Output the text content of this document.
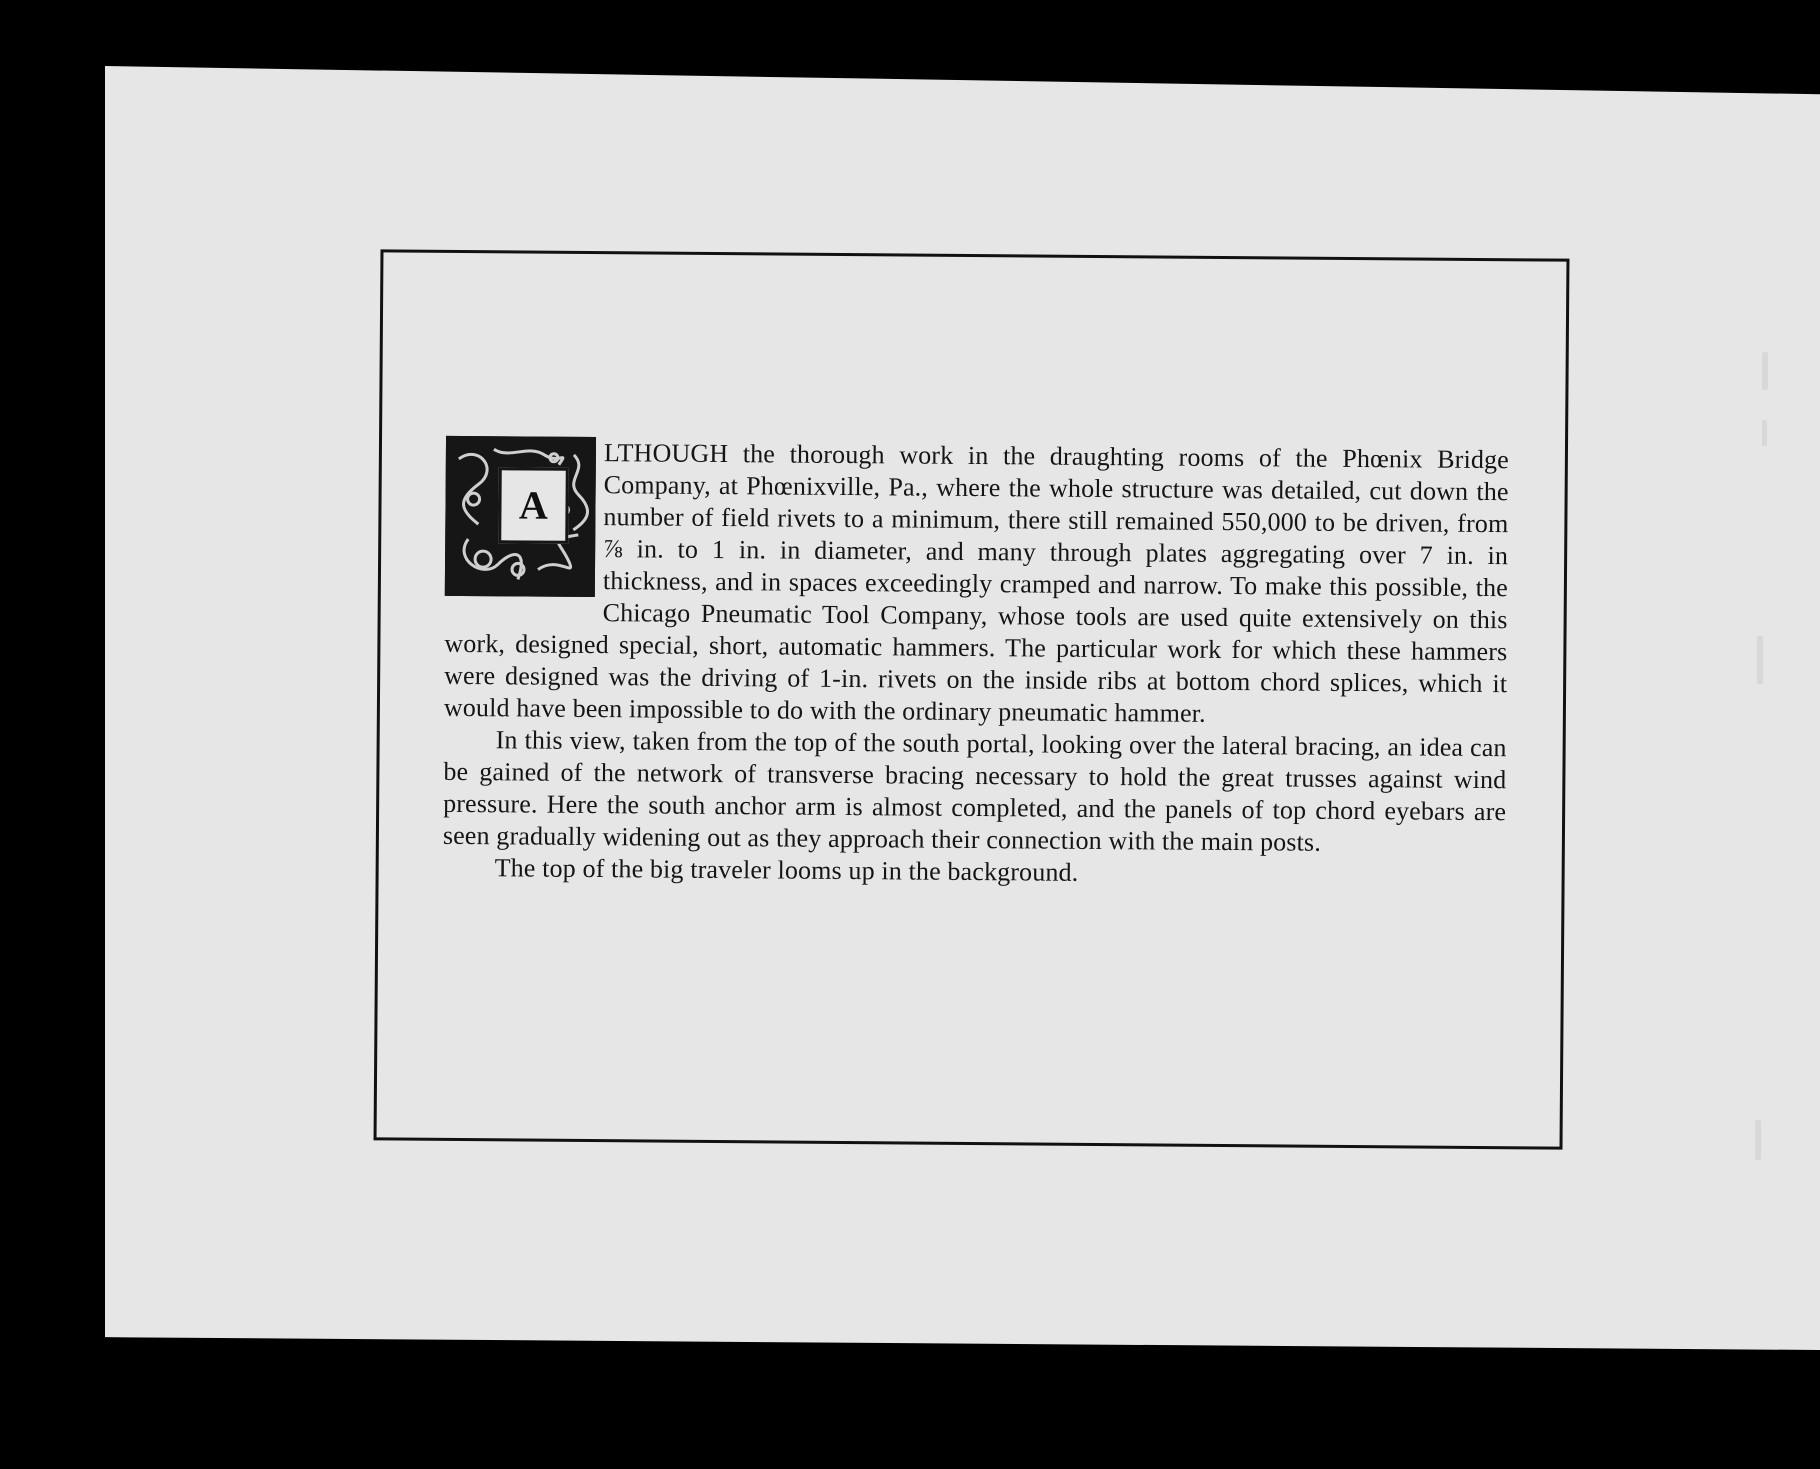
A

LTHOUGH the thorough work in the draughting rooms of the Phœnix Bridge Company, at Phœnixville, Pa., where the whole structure was detailed, cut down the number of field rivets to a minimum, there still remained 550,000 to be driven, from ⅞ in. to 1 in. in diameter, and many through plates aggregating over 7 in. in thickness, and in spaces exceedingly cramped and narrow. To make this possible, the Chicago Pneumatic Tool Company, whose tools are used quite extensively on this work, designed special, short, automatic hammers. The particular work for which these hammers were designed was the driving of 1-in. rivets on the inside ribs at bottom chord splices, which it would have been impossible to do with the ordinary pneumatic hammer.

In this view, taken from the top of the south portal, looking over the lateral bracing, an idea can be gained of the network of transverse bracing necessary to hold the great trusses against wind pressure. Here the south anchor arm is almost completed, and the panels of top chord eyebars are seen gradually widening out as they approach their connection with the main posts.

The top of the big traveler looms up in the background.
